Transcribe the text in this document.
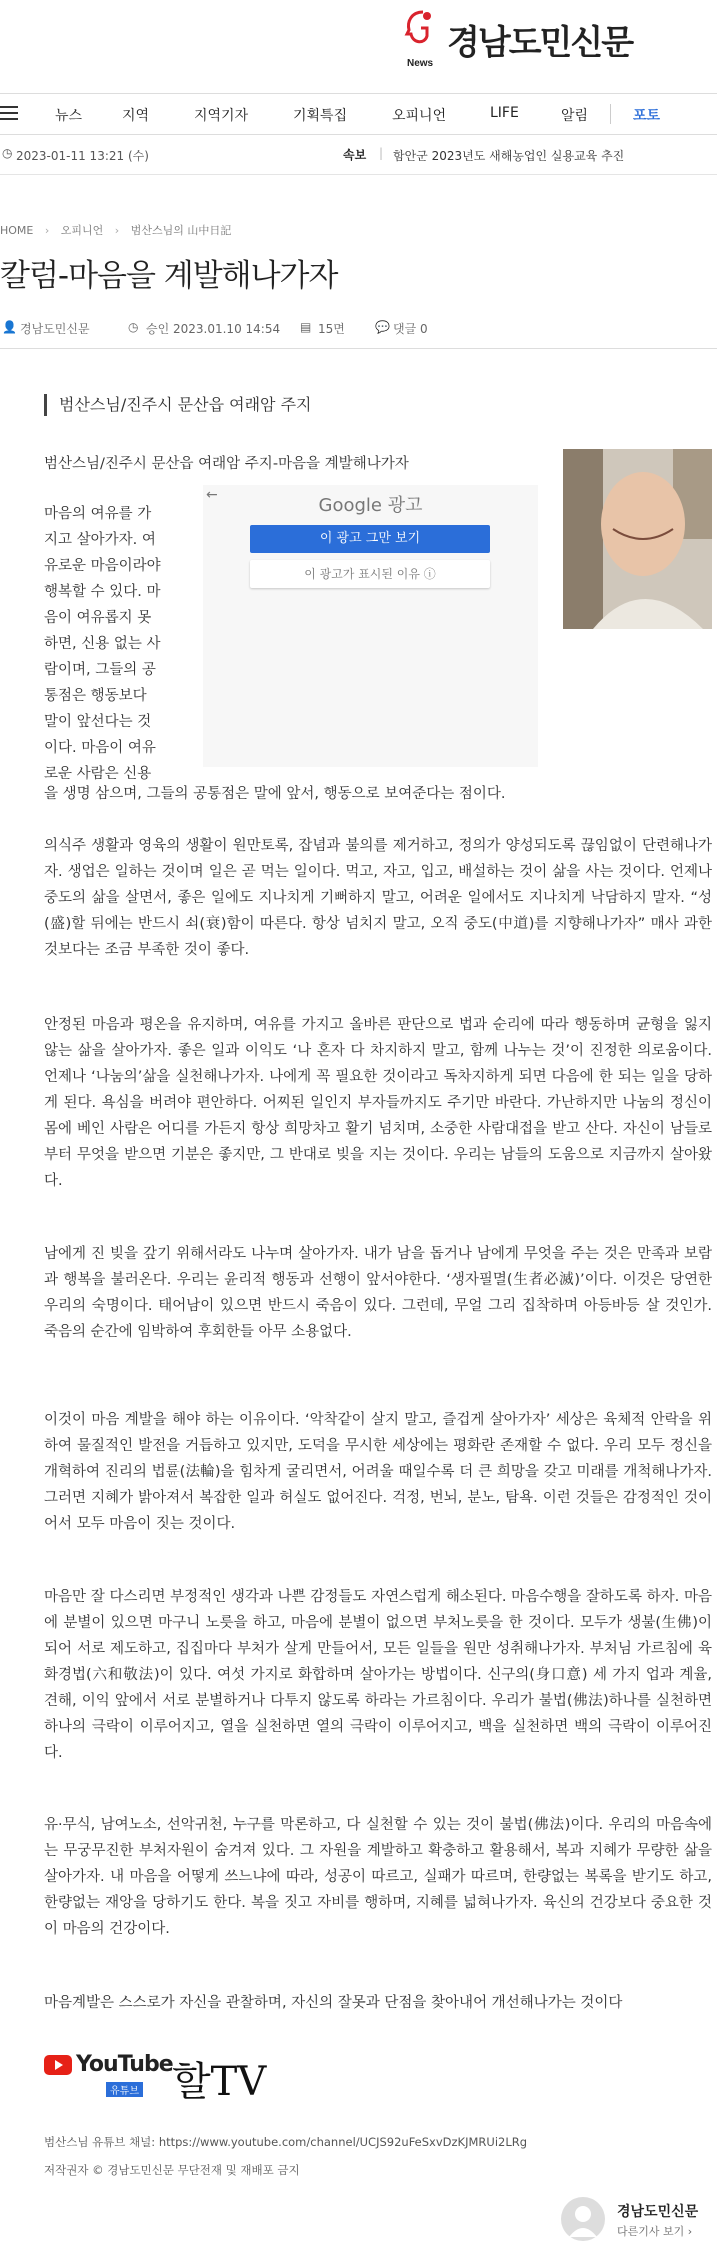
News
경남도민신문
뉴스	지역	지역기자	기획특집	오피니언	LIFE	알림	포토
◷ 2023-01-11 13:21 (수)	속보 | 함안군 2023년도 새해농업인 실용교육 추진
HOME › 오피니언 › 범산스님의 山中日記
칼럼-마음을 계발해나가자
👤 경남도민신문	◷ 승인 2023.01.10 14:54 ▤ 15면	💬 댓글 0
범산스님/진주시 문산읍 여래암 주지
범산스님/진주시 문산읍 여래암 주지-마음을 계발해나가자
마음의 여유를 가
지고 살아가자. 여
유로운 마음이라야
행복할 수 있다. 마
음이 여유롭지 못
하면, 신용 없는 사
람이며, 그들의 공
통점은 행동보다
말이 앞선다는 것
이다. 마음이 여유
로운 사람은 신용
←	Google 광고
이 광고 그만 보기
이 광고가 표시된 이유 ⓘ
을 생명 삼으며, 그들의 공통점은 말에 앞서, 행동으로 보여준다는 점이다.
의식주 생활과 영육의 생활이 원만토록, 잡념과 불의를 제거하고, 정의가 양성되도록 끊임없이 단련해나가자. 생업은 일하는 것이며 일은 곧 먹는 일이다. 먹고, 자고, 입고, 배설하는 것이 삶을 사는 것이다. 언제나 중도의 삶을 살면서, 좋은 일에도 지나치게 기뻐하지 말고, 어려운 일에서도 지나치게 낙담하지 말자. “성(盛)할 뒤에는 반드시 쇠(衰)함이 따른다. 항상 넘치지 말고, 오직 중도(中道)를 지향해나가자” 매사 과한 것보다는 조금 부족한 것이 좋다.
안정된 마음과 평온을 유지하며, 여유를 가지고 올바른 판단으로 법과 순리에 따라 행동하며 균형을 잃지 않는 삶을 살아가자. 좋은 일과 이익도 ‘나 혼자 다 차지하지 말고, 함께 나누는 것’이 진정한 의로움이다. 언제나 ‘나눔의’삶을 실천해나가자. 나에게 꼭 필요한 것이라고 독차지하게 되면 다음에 한 되는 일을 당하게 된다. 욕심을 버려야 편안하다. 어찌된 일인지 부자들까지도 주기만 바란다. 가난하지만 나눔의 정신이 몸에 베인 사람은 어디를 가든지 항상 희망차고 활기 넘치며, 소중한 사람대접을 받고 산다. 자신이 남들로부터 무엇을 받으면 기분은 좋지만, 그 반대로 빚을 지는 것이다. 우리는 남들의 도움으로 지금까지 살아왔다.
남에게 진 빚을 갚기 위해서라도 나누며 살아가자. 내가 남을 돕거나 남에게 무엇을 주는 것은 만족과 보람과 행복을 불러온다. 우리는 윤리적 행동과 선행이 앞서야한다. ‘생자필멸(生者必滅)’이다. 이것은 당연한 우리의 숙명이다. 태어남이 있으면 반드시 죽음이 있다. 그런데, 무얼 그리 집착하며 아등바등 살 것인가. 죽음의 순간에 임박하여 후회한들 아무 소용없다.
이것이 마음 계발을 해야 하는 이유이다. ‘악착같이 살지 말고, 즐겁게 살아가자’ 세상은 육체적 안락을 위하여 물질적인 발전을 거듭하고 있지만, 도덕을 무시한 세상에는 평화란 존재할 수 없다. 우리 모두 정신을 개혁하여 진리의 법륜(法輪)을 힘차게 굴리면서, 어려울 때일수록 더 큰 희망을 갖고 미래를 개척해나가자. 그러면 지혜가 밝아져서 복잡한 일과 허실도 없어진다. 걱정, 번뇌, 분노, 탐욕. 이런 것들은 감정적인 것이어서 모두 마음이 짓는 것이다.
마음만 잘 다스리면 부정적인 생각과 나쁜 감정들도 자연스럽게 해소된다. 마음수행을 잘하도록 하자. 마음에 분별이 있으면 마구니 노릇을 하고, 마음에 분별이 없으면 부처노릇을 한 것이다. 모두가 생불(生佛)이 되어 서로 제도하고, 집집마다 부처가 살게 만들어서, 모든 일들을 원만 성취해나가자. 부처님 가르침에 육화경법(六和敬法)이 있다. 여섯 가지로 화합하며 살아가는 방법이다. 신구의(身口意) 세 가지 업과 계율, 견해, 이익 앞에서 서로 분별하거나 다투지 않도록 하라는 가르침이다. 우리가 불법(佛法)하나를 실천하면 하나의 극락이 이루어지고, 열을 실천하면 열의 극락이 이루어지고, 백을 실천하면 백의 극락이 이루어진다.
유·무식, 남여노소, 선악귀천, 누구를 막론하고, 다 실천할 수 있는 것이 불법(佛法)이다. 우리의 마음속에는 무궁무진한 부처자원이 숨겨져 있다. 그 자원을 계발하고 확충하고 활용해서, 복과 지혜가 무량한 삶을 살아가자. 내 마음을 어떻게 쓰느냐에 따라, 성공이 따르고, 실패가 따르며, 한량없는 복록을 받기도 하고, 한량없는 재앙을 당하기도 한다. 복을 짓고 자비를 행하며, 지혜를 넓혀나가자. 육신의 건강보다 중요한 것이 마음의 건강이다.
마음계발은 스스로가 자신을 관찰하며, 자신의 잘못과 단점을 찾아내어 개선해나가는 것이다
YouTube
유튜브 할TV
범산스님 유튜브 채널: https://www.youtube.com/channel/UCJS92uFeSxvDzKJMRUi2LRg
저작권자 © 경남도민신문 무단전재 및 재배포 금지
경남도민신문
다른기사 보기 ›
